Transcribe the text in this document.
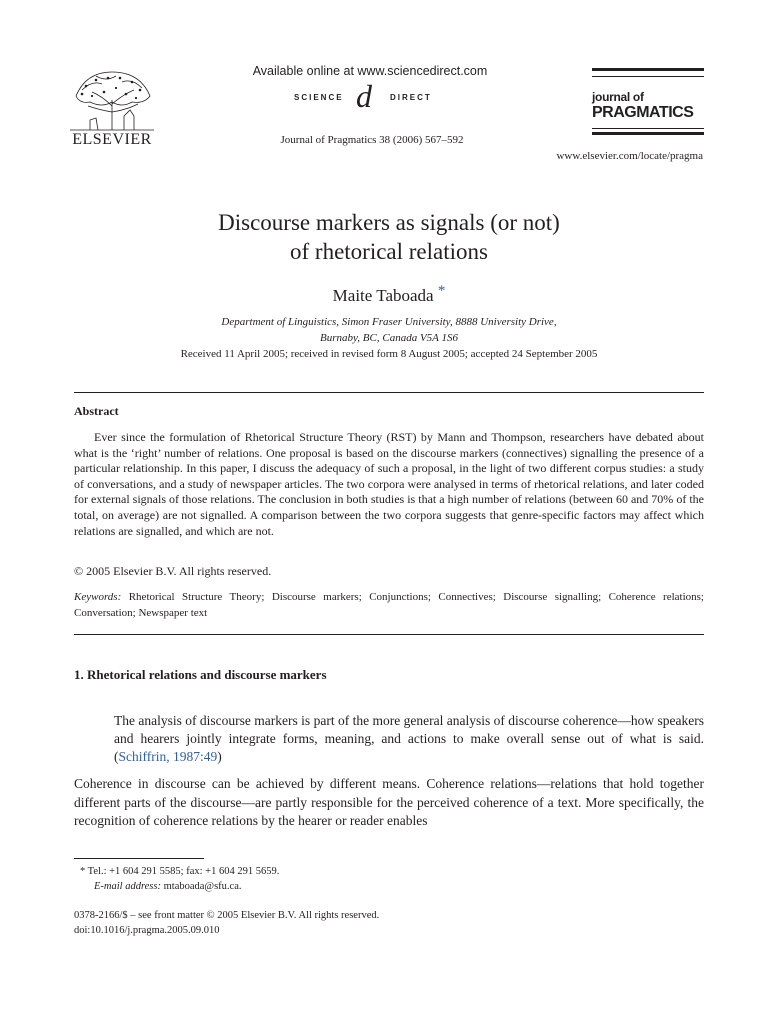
ELSEVIER
Available online at www.sciencedirect.com
SCIENCE d DIRECT
Journal of Pragmatics 38 (2006) 567–592
journal of
PRAGMATICS
www.elsevier.com/locate/pragma
Discourse markers as signals (or not)
of rhetorical relations
Maite Taboada *
Department of Linguistics, Simon Fraser University, 8888 University Drive,
Burnaby, BC, Canada V5A 1S6
Received 11 April 2005; received in revised form 8 August 2005; accepted 24 September 2005
Abstract

Ever since the formulation of Rhetorical Structure Theory (RST) by Mann and Thompson, researchers have debated about what is the ‘right’ number of relations. One proposal is based on the discourse markers (connectives) signalling the presence of a particular relationship. In this paper, I discuss the adequacy of such a proposal, in the light of two different corpus studies: a study of conversations, and a study of newspaper articles. The two corpora were analysed in terms of rhetorical relations, and later coded for external signals of those relations. The conclusion in both studies is that a high number of relations (between 60 and 70% of the total, on average) are not signalled. A comparison between the two corpora suggests that genre-specific factors may affect which relations are signalled, and which are not.

© 2005 Elsevier B.V. All rights reserved.
Keywords: Rhetorical Structure Theory; Discourse markers; Conjunctions; Connectives; Discourse signalling; Coherence relations; Conversation; Newspaper text
1. Rhetorical relations and discourse markers
The analysis of discourse markers is part of the more general analysis of discourse coherence—how speakers and hearers jointly integrate forms, meaning, and actions to make overall sense out of what is said. (Schiffrin, 1987:49)
Coherence in discourse can be achieved by different means. Coherence relations—relations that hold together different parts of the discourse—are partly responsible for the perceived coherence of a text. More specifically, the recognition of coherence relations by the hearer or reader enables
* Tel.: +1 604 291 5585; fax: +1 604 291 5659.
E-mail address: mtaboada@sfu.ca.
0378-2166/$ – see front matter © 2005 Elsevier B.V. All rights reserved.
doi:10.1016/j.pragma.2005.09.010
